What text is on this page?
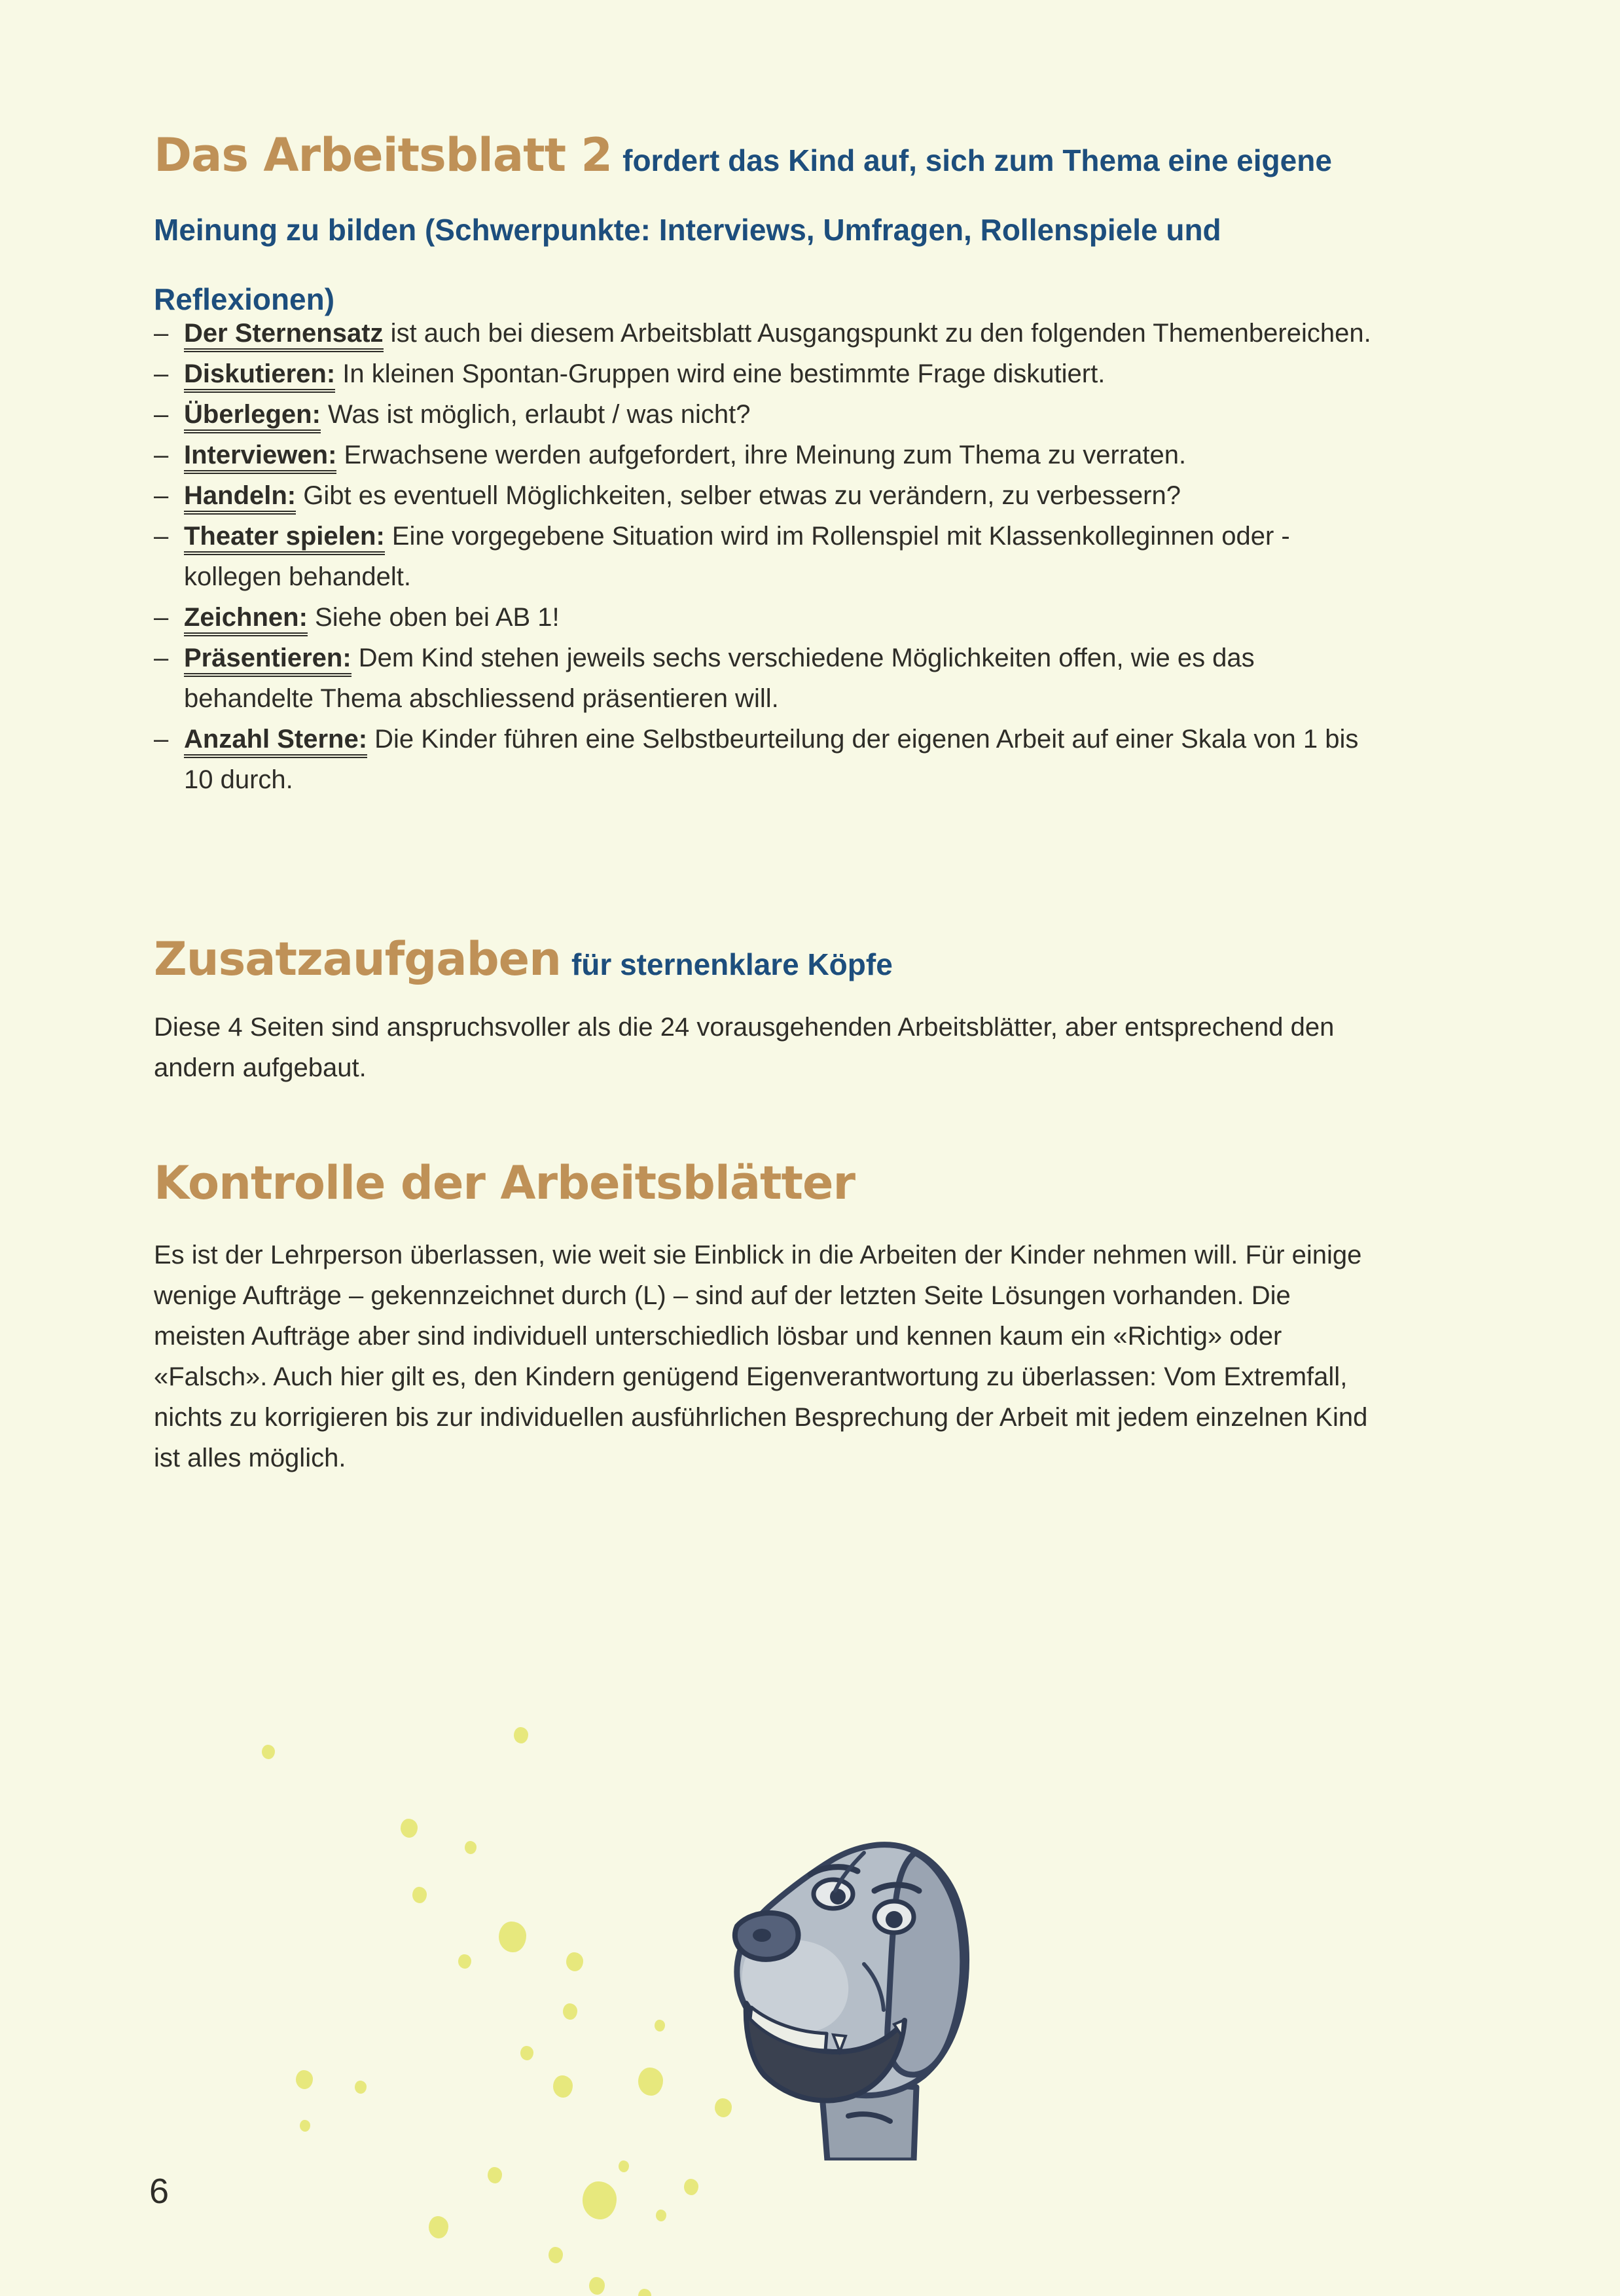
Das Arbeitsblatt 2 fordert das Kind auf, sich zum Thema eine eigene Meinung zu bilden (Schwerpunkte: Interviews, Umfragen, Rollenspiele und Reflexionen)
– Der Sternensatz ist auch bei diesem Arbeitsblatt Ausgangspunkt zu den folgenden Themenbereichen.
– Diskutieren: In kleinen Spontan-Gruppen wird eine bestimmte Frage diskutiert.
– Überlegen: Was ist möglich, erlaubt / was nicht?
– Interviewen: Erwachsene werden aufgefordert, ihre Meinung zum Thema zu verraten.
– Handeln: Gibt es eventuell Möglichkeiten, selber etwas zu verändern, zu verbessern?
– Theater spielen: Eine vorgegebene Situation wird im Rollenspiel mit Klassenkolleginnen oder -kollegen behandelt.
– Zeichnen: Siehe oben bei AB 1!
– Präsentieren: Dem Kind stehen jeweils sechs verschiedene Möglichkeiten offen, wie es das behandelte Thema abschliessend präsentieren will.
– Anzahl Sterne: Die Kinder führen eine Selbstbeurteilung der eigenen Arbeit auf einer Skala von 1 bis 10 durch.
Zusatzaufgaben für sternenklare Köpfe
Diese 4 Seiten sind anspruchsvoller als die 24 vorausgehenden Arbeitsblätter, aber entsprechend den andern aufgebaut.
Kontrolle der Arbeitsblätter
Es ist der Lehrperson überlassen, wie weit sie Einblick in die Arbeiten der Kinder nehmen will. Für einige wenige Aufträge – gekennzeichnet durch (L) – sind auf der letzten Seite Lösungen vorhanden. Die meisten Aufträge aber sind individuell unterschiedlich lösbar und kennen kaum ein «Richtig» oder «Falsch». Auch hier gilt es, den Kindern genügend Eigenverantwortung zu überlassen: Vom Extremfall, nichts zu korrigieren bis zur individuellen ausführlichen Besprechung der Arbeit mit jedem einzelnen Kind ist alles möglich.
6
